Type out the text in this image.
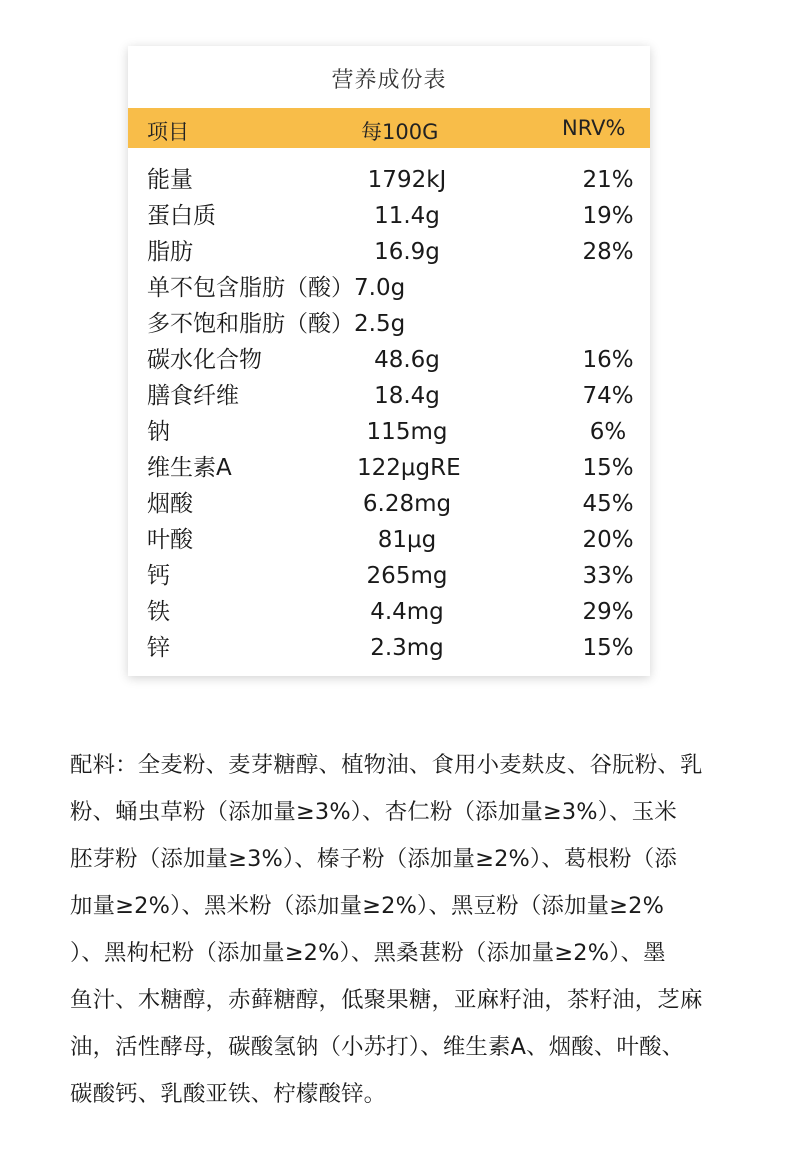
营养成份表
项目	每100G	NRV%
能量	1792kJ	21%
蛋白质	11.4g	19%
脂肪	16.9g	28%
单不包含脂肪（酸）7.0g
多不饱和脂肪（酸）2.5g
碳水化合物	48.6g	16%
膳食纤维	18.4g	74%
钠	115mg	6%
维生素A	122μgRE	15%
烟酸	6.28mg	45%
叶酸	81μg	20%
钙	265mg	33%
铁	4.4mg	29%
锌	2.3mg	15%
配料：全麦粉、麦芽糖醇、植物油、食用小麦麸皮、谷朊粉、乳
粉、蛹虫草粉（添加量≥3%）、杏仁粉（添加量≥3%）、玉米
胚芽粉（添加量≥3%）、榛子粉（添加量≥2%）、葛根粉（添
加量≥2%）、黑米粉（添加量≥2%）、黑豆粉（添加量≥2%
）、黑枸杞粉（添加量≥2%）、黑桑葚粉（添加量≥2%）、墨
鱼汁、木糖醇，赤藓糖醇，低聚果糖，亚麻籽油，茶籽油，芝麻
油，活性酵母，碳酸氢钠（小苏打）、维生素A、烟酸、叶酸、
碳酸钙、乳酸亚铁、柠檬酸锌。
